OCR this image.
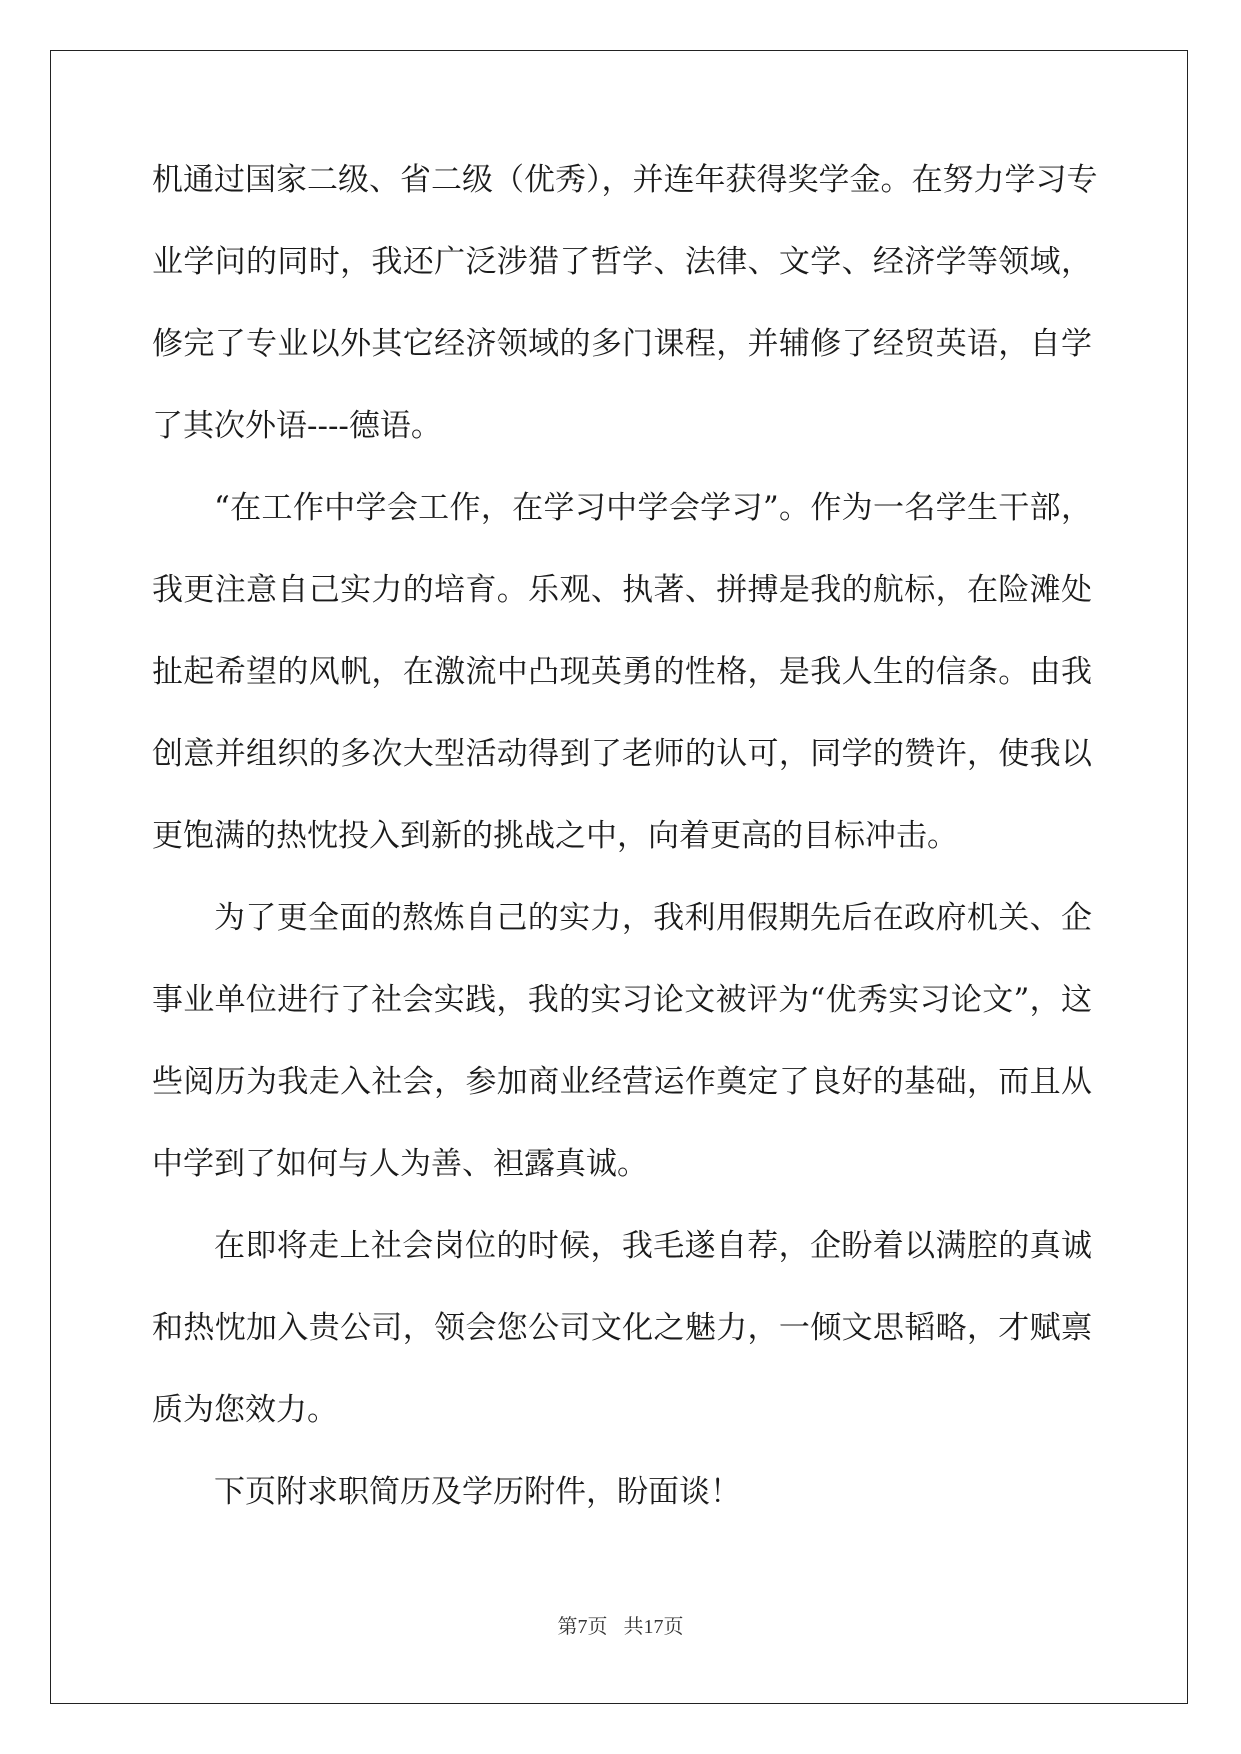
机通过国家二级、省二级（优秀），并连年获得奖学金。在努力学习专
业学问的同时，我还广泛涉猎了哲学、法律、文学、经济学等领域，
修完了专业以外其它经济领域的多门课程，并辅修了经贸英语，自学
了其次外语----德语。
“在工作中学会工作，在学习中学会学习”。作为一名学生干部，
我更注意自己实力的培育。乐观、执著、拼搏是我的航标，在险滩处
扯起希望的风帆，在激流中凸现英勇的性格，是我人生的信条。由我
创意并组织的多次大型活动得到了老师的认可，同学的赞许，使我以
更饱满的热忱投入到新的挑战之中，向着更高的目标冲击。
为了更全面的熬炼自己的实力，我利用假期先后在政府机关、企
事业单位进行了社会实践，我的实习论文被评为“优秀实习论文”，这
些阅历为我走入社会，参加商业经营运作奠定了良好的基础，而且从
中学到了如何与人为善、袒露真诚。
在即将走上社会岗位的时候，我毛遂自荐，企盼着以满腔的真诚
和热忱加入贵公司，领会您公司文化之魅力，一倾文思韬略，才赋禀
质为您效力。
下页附求职简历及学历附件，盼面谈！
第7页 共17页
